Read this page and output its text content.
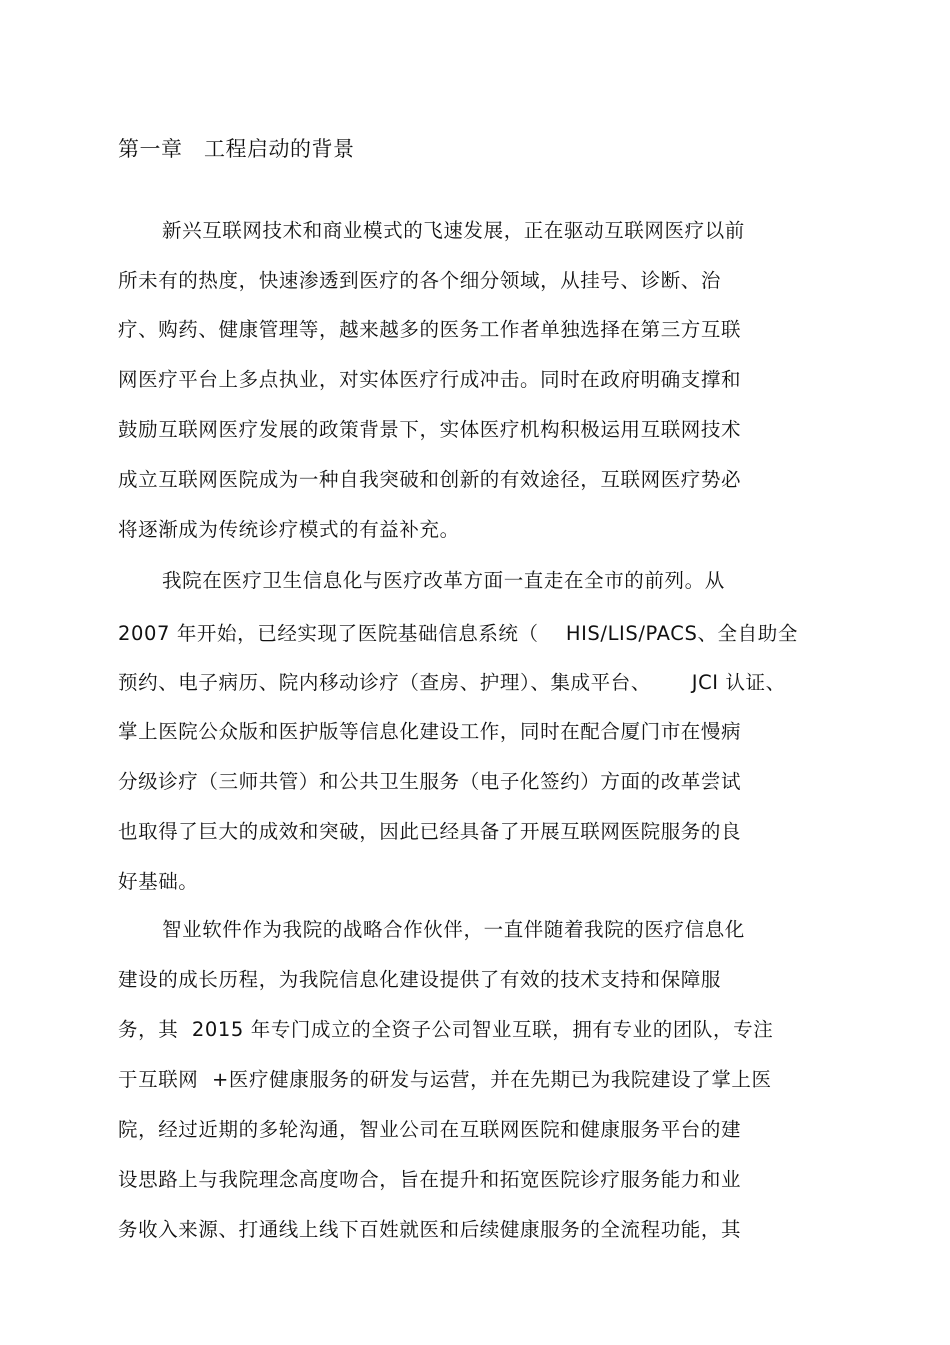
第一章   工程启动的背景
新兴互联网技术和商业模式的飞速发展，正在驱动互联网医疗以前
所未有的热度，快速渗透到医疗的各个细分领域，从挂号、诊断、治
疗、购药、健康管理等，越来越多的医务工作者单独选择在第三方互联
网医疗平台上多点执业，对实体医疗行成冲击。同时在政府明确支撑和
鼓励互联网医疗发展的政策背景下，实体医疗机构积极运用互联网技术
成立互联网医院成为一种自我突破和创新的有效途径，互联网医疗势必
将逐渐成为传统诊疗模式的有益补充。
我院在医疗卫生信息化与医疗改革方面一直走在全市的前列。从
2007 年开始，已经实现了医院基础信息系统（    HIS/LIS/PACS、全自助全
预约、电子病历、院内移动诊疗（查房、护理）、集成平台、      JCI 认证、
掌上医院公众版和医护版等信息化建设工作，同时在配合厦门市在慢病
分级诊疗（三师共管）和公共卫生服务（电子化签约）方面的改革尝试
也取得了巨大的成效和突破，因此已经具备了开展互联网医院服务的良
好基础。
智业软件作为我院的战略合作伙伴，一直伴随着我院的医疗信息化
建设的成长历程，为我院信息化建设提供了有效的技术支持和保障服
务，其  2015 年专门成立的全资子公司智业互联，拥有专业的团队，专注
于互联网  +医疗健康服务的研发与运营，并在先期已为我院建设了掌上医
院，经过近期的多轮沟通，智业公司在互联网医院和健康服务平台的建
设思路上与我院理念高度吻合，旨在提升和拓宽医院诊疗服务能力和业
务收入来源、打通线上线下百姓就医和后续健康服务的全流程功能，其
